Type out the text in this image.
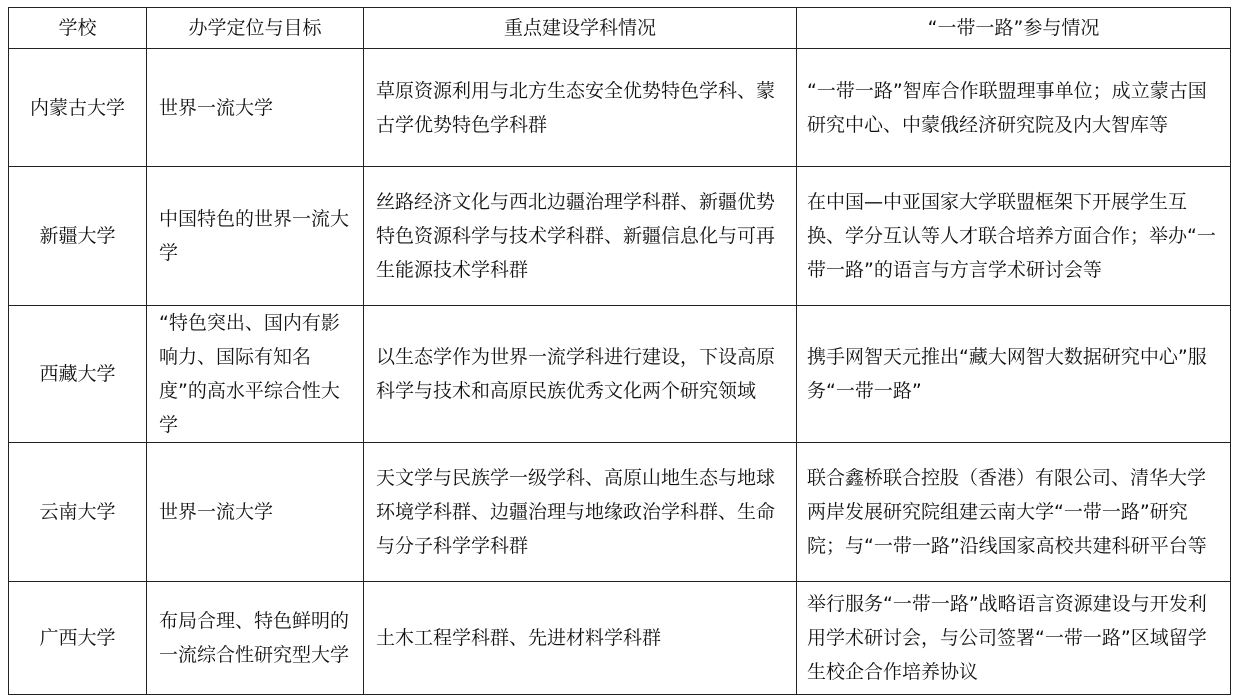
学校	办学定位与目标	重点建设学科情况	“一带一路”参与情况
内蒙古大学	世界一流大学	草原资源利用与北方生态安全优势特色学科、蒙古学优势特色学科群	“一带一路”智库合作联盟理事单位；成立蒙古国研究中心、中蒙俄经济研究院及内大智库等
新疆大学	中国特色的世界一流大学	丝路经济文化与西北边疆治理学科群、新疆优势特色资源科学与技术学科群、新疆信息化与可再生能源技术学科群	在中国—中亚国家大学联盟框架下开展学生互换、学分互认等人才联合培养方面合作；举办“一带一路”的语言与方言学术研讨会等
西藏大学	“特色突出、国内有影响力、国际有知名度”的高水平综合性大学	以生态学作为世界一流学科进行建设，下设高原科学与技术和高原民族优秀文化两个研究领域	携手网智天元推出“藏大网智大数据研究中心”服务“一带一路”
云南大学	世界一流大学	天文学与民族学一级学科、高原山地生态与地球环境学科群、边疆治理与地缘政治学科群、生命与分子科学学科群	联合鑫桥联合控股（香港）有限公司、清华大学两岸发展研究院组建云南大学“一带一路”研究院；与“一带一路”沿线国家高校共建科研平台等
广西大学	布局合理、特色鲜明的一流综合性研究型大学	土木工程学科群、先进材料学科群	举行服务“一带一路”战略语言资源建设与开发利用学术研讨会，与公司签署“一带一路”区域留学生校企合作培养协议
